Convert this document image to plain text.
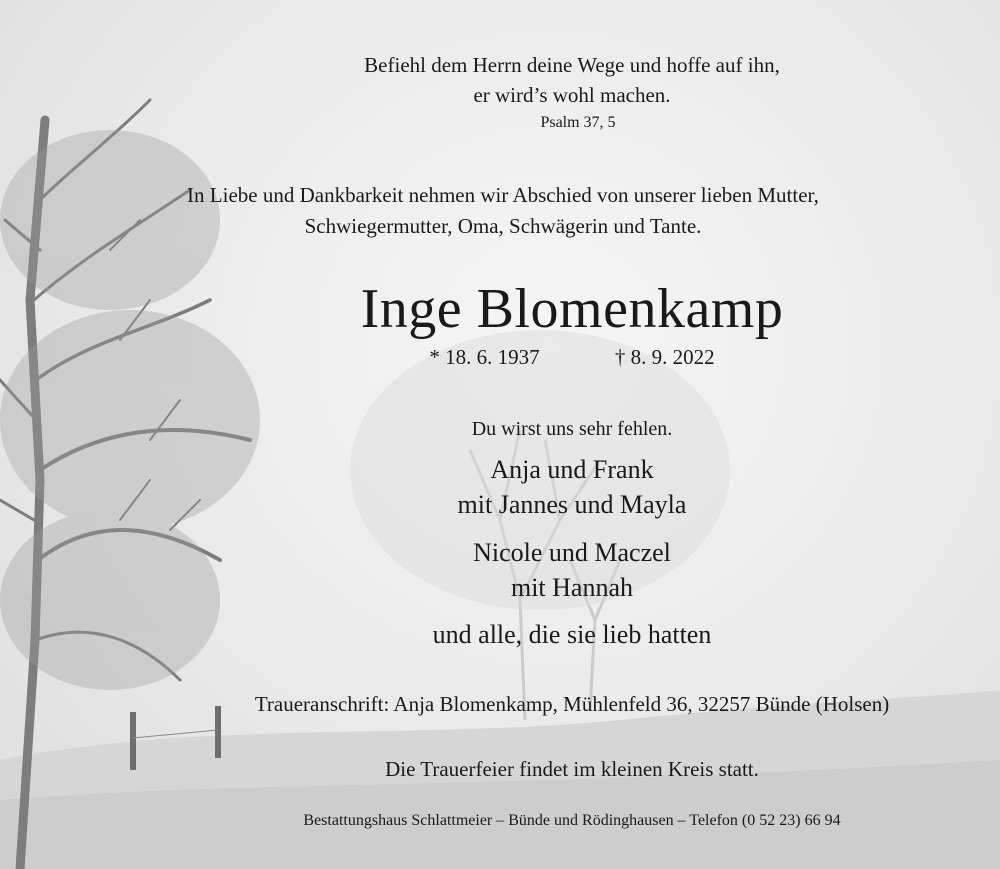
Befiehl dem Herrn deine Wege und hoffe auf ihn,
er wird’s wohl machen.
Psalm 37, 5
In Liebe und Dankbarkeit nehmen wir Abschied von unserer lieben Mutter,
Schwiegermutter, Oma, Schwägerin und Tante.
Inge Blomenkamp
* 18. 6. 1937	† 8. 9. 2022
Du wirst uns sehr fehlen.
Anja und Frank
mit Jannes und Mayla
Nicole und Maczel
mit Hannah
und alle, die sie lieb hatten
Traueranschrift: Anja Blomenkamp, Mühlenfeld 36, 32257 Bünde (Holsen)
Die Trauerfeier findet im kleinen Kreis statt.
Bestattungshaus Schlattmeier – Bünde und Rödinghausen – Telefon (0 52 23) 66 94
